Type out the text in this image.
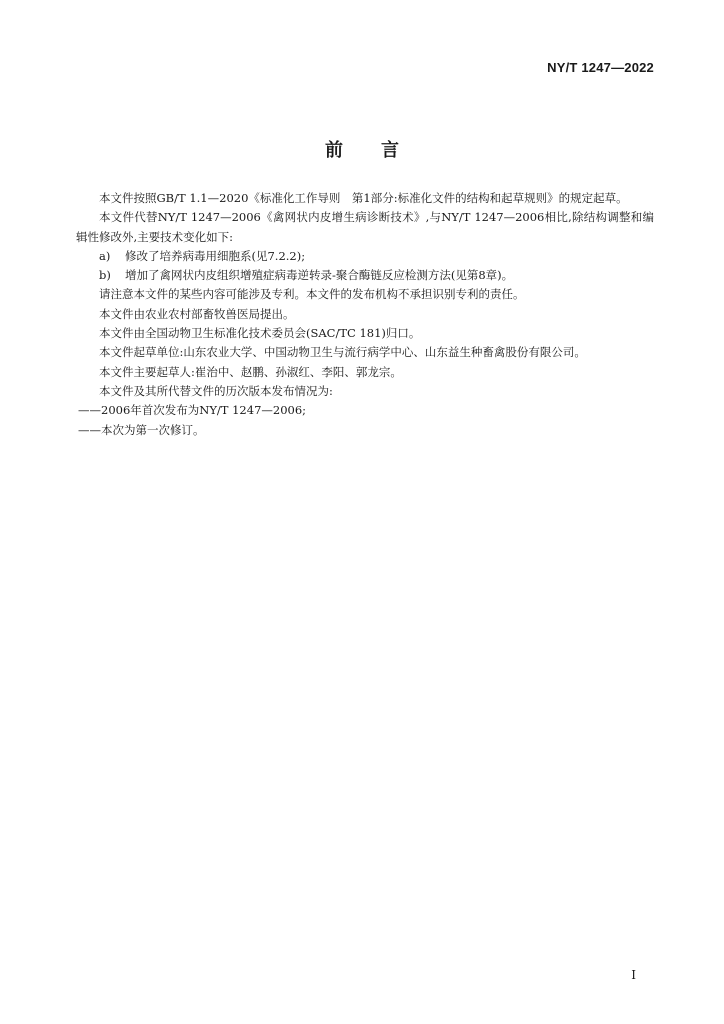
NY/T 1247—2022
前 言

本文件按照GB/T 1.1—2020《标准化工作导则　第1部分:标准化文件的结构和起草规则》的规定起草。

本文件代替NY/T 1247—2006《禽网状内皮增生病诊断技术》,与NY/T 1247—2006相比,除结构调整和编辑性修改外,主要技术变化如下:

a) 修改了培养病毒用细胞系(见7.2.2);

b) 增加了禽网状内皮组织增殖症病毒逆转录-聚合酶链反应检测方法(见第8章)。

请注意本文件的某些内容可能涉及专利。本文件的发布机构不承担识别专利的责任。

本文件由农业农村部畜牧兽医局提出。

本文件由全国动物卫生标准化技术委员会(SAC/TC 181)归口。

本文件起草单位:山东农业大学、中国动物卫生与流行病学中心、山东益生种畜禽股份有限公司。

本文件主要起草人:崔治中、赵鹏、孙淑红、李阳、郭龙宗。

本文件及其所代替文件的历次版本发布情况为:

——2006年首次发布为NY/T 1247—2006;

——本次为第一次修订。

I
